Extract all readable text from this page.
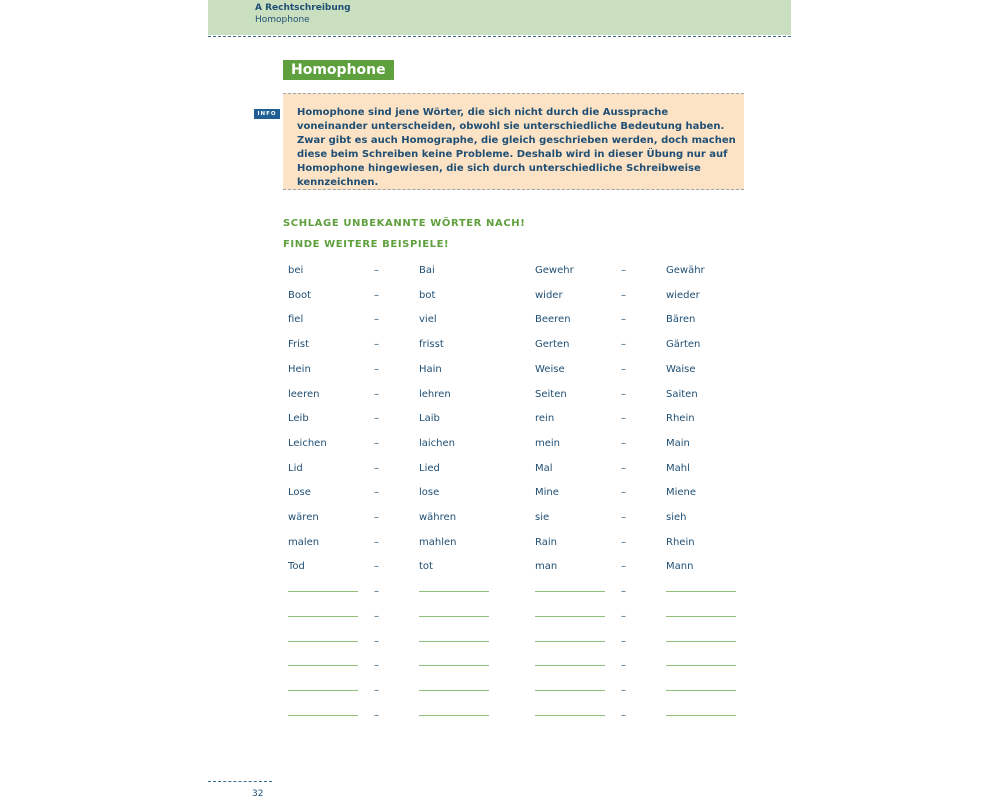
A Rechtschreibung
Homophone
Homophone
INFO	Homophone sind jene Wörter, die sich nicht durch die Aussprache voneinander unterscheiden, obwohl sie unterschiedliche Bedeutung haben. Zwar gibt es auch Homographe, die gleich geschrieben werden, doch machen diese beim Schreiben keine Probleme. Deshalb wird in dieser Übung nur auf Homophone hingewiesen, die sich durch unterschiedliche Schreibweise kennzeichnen.

SCHLAGE UNBEKANNTE WÖRTER NACH!
FINDE WEITERE BEISPIELE!
bei	–	Bai	Gewehr	–	Gewähr
Boot	–	bot	wider	–	wieder
fiel	–	viel	Beeren	–	Bären
Frist	–	frisst	Gerten	–	Gärten
Hein	–	Hain	Weise	–	Waise
leeren	–	lehren	Seiten	–	Saiten
Leib	–	Laib	rein	–	Rhein
Leichen	–	laichen	mein	–	Main
Lid	–	Lied	Mal	–	Mahl
Lose	–	lose	Mine	–	Miene
wären	–	währen	sie	–	sieh
malen	–	mahlen	Rain	–	Rhein
Tod	–	tot	man	–	Mann
–	–
–	–
–	–
–	–
–	–
–	–
32
